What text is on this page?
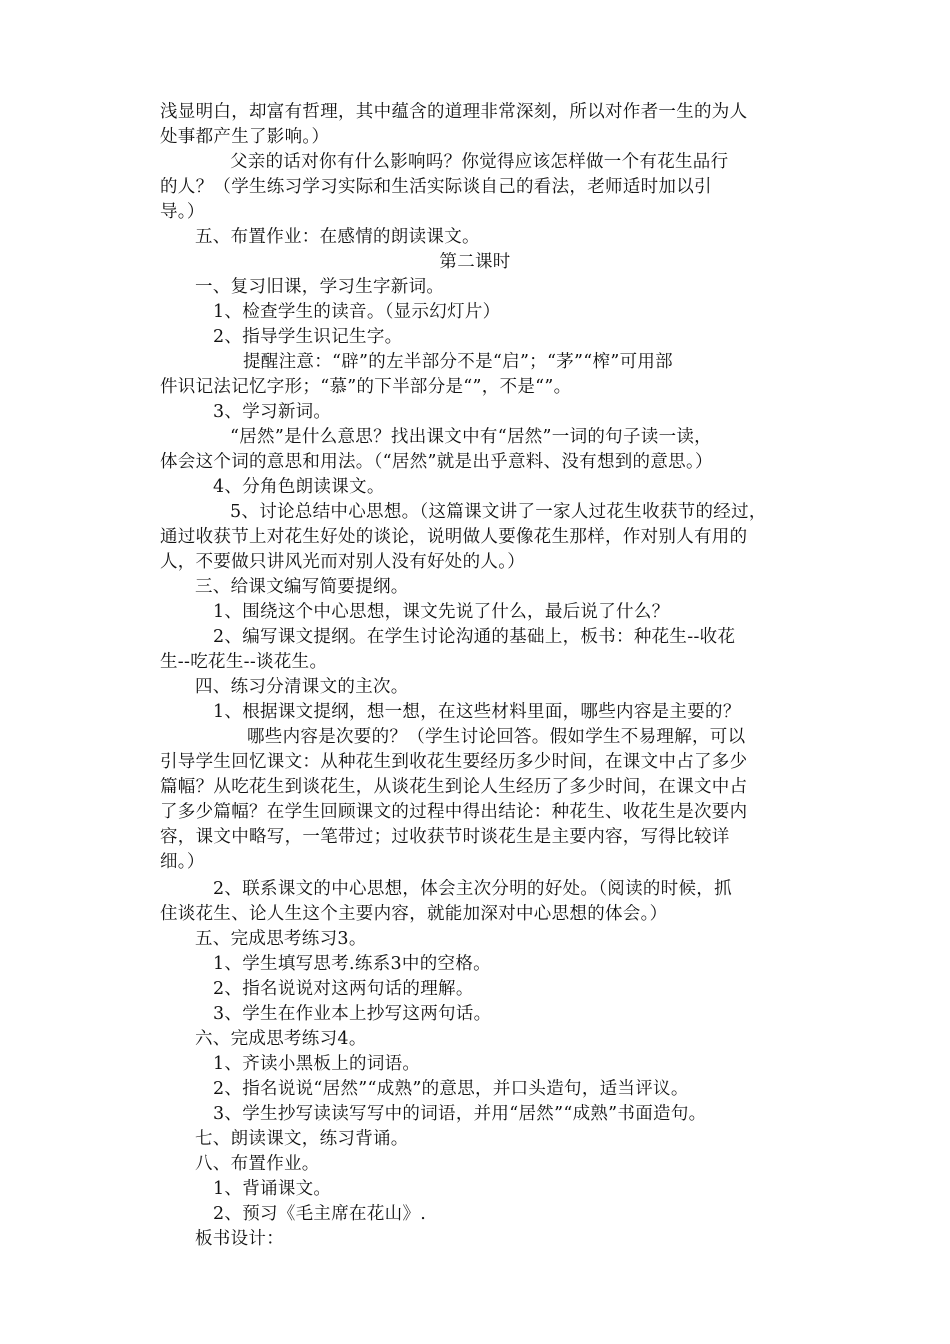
浅显明白，却富有哲理，其中蕴含的道理非常深刻，所以对作者一生的为人
处事都产生了影响。）
父亲的话对你有什么影响吗？你觉得应该怎样做一个有花生品行
的人？（学生练习学习实际和生活实际谈自己的看法，老师适时加以引
导。）
五、布置作业：在感情的朗读课文。
第二课时
一、复习旧课，学习生字新词。
1、检查学生的读音。（显示幻灯片）
2、指导学生识记生字。
提醒注意：“辟”的左半部分不是“启”；“茅”“榨”可用部
件识记法记忆字形；“慕”的下半部分是“”，不是“”。
3、学习新词。
“居然”是什么意思？找出课文中有“居然”一词的句子读一读，
体会这个词的意思和用法。（“居然”就是出乎意料、没有想到的意思。）
4、分角色朗读课文。
5、讨论总结中心思想。（这篇课文讲了一家人过花生收获节的经过，
通过收获节上对花生好处的谈论，说明做人要像花生那样，作对别人有用的
人，不要做只讲风光而对别人没有好处的人。）
三、给课文编写简要提纲。
1、围绕这个中心思想，课文先说了什么，最后说了什么？
2、编写课文提纲。在学生讨论沟通的基础上，板书：种花生--收花
生--吃花生--谈花生。
四、练习分清课文的主次。
1、根据课文提纲，想一想，在这些材料里面，哪些内容是主要的？
哪些内容是次要的？（学生讨论回答。假如学生不易理解，可以
引导学生回忆课文：从种花生到收花生要经历多少时间，在课文中占了多少
篇幅？从吃花生到谈花生，从谈花生到论人生经历了多少时间，在课文中占
了多少篇幅？在学生回顾课文的过程中得出结论：种花生、收花生是次要内
容，课文中略写，一笔带过；过收获节时谈花生是主要内容，写得比较详
细。）
2、联系课文的中心思想，体会主次分明的好处。（阅读的时候，抓
住谈花生、论人生这个主要内容，就能加深对中心思想的体会。）
五、完成思考练习3。
1、学生填写思考.练系3中的空格。
2、指名说说对这两句话的理解。
3、学生在作业本上抄写这两句话。
六、完成思考练习4。
1、齐读小黑板上的词语。
2、指名说说“居然”“成熟”的意思，并口头造句，适当评议。
3、学生抄写读读写写中的词语，并用“居然”“成熟”书面造句。
七、朗读课文，练习背诵。
八、布置作业。
1、背诵课文。
2、预习《毛主席在花山》.
板书设计：
